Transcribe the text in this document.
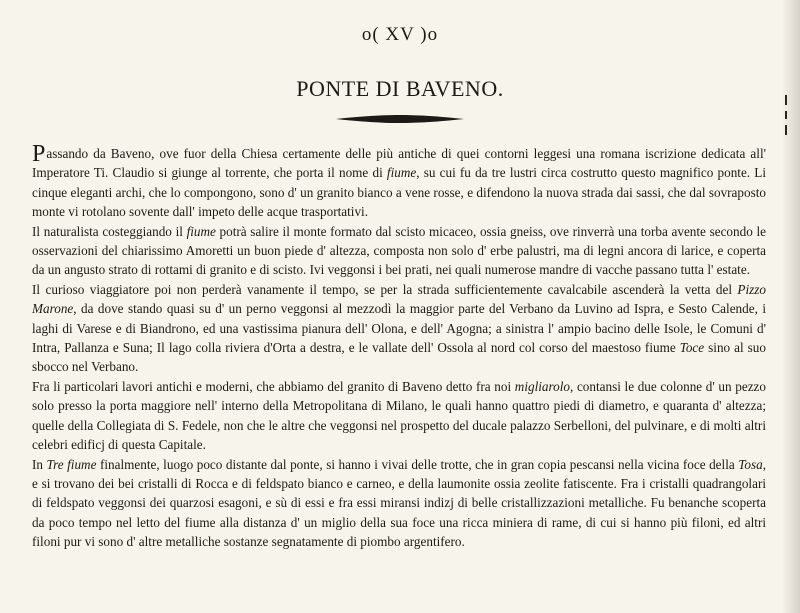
o( XV )o
PONTE DI BAVENO.

Passando da Baveno, ove fuor della Chiesa certamente delle più antiche di quei contorni leggesi una romana iscrizione dedicata all' Imperatore Ti. Claudio si giunge al torrente, che porta il nome di fiume, su cui fu da tre lustri circa costrutto questo magnifico ponte. Li cinque eleganti archi, che lo compongono, sono d' un granito bianco a vene rosse, e difendono la nuova strada dai sassi, che dal sovraposto monte vi rotolano sovente dall' impeto delle acque trasportativi.

Il naturalista costeggiando il fiume potrà salire il monte formato dal scisto micaceo, ossia gneiss, ove rinverrà una torba avente secondo le osservazioni del chiarissimo Amoretti un buon piede d' altezza, composta non solo d' erbe palustri, ma di legni ancora di larice, e coperta da un angusto strato di rottami di granito e di scisto. Ivi veggonsi i bei prati, nei quali numerose mandre di vacche passano tutta l' estate.

Il curioso viaggiatore poi non perderà vanamente il tempo, se per la strada sufficientemente cavalcabile ascenderà la vetta del Pizzo Marone, da dove stando quasi su d' un perno veggonsi al mezzodì la maggior parte del Verbano da Luvino ad Ispra, e Sesto Calende, i laghi di Varese e di Biandrono, ed una vastissima pianura dell' Olona, e dell' Agogna; a sinistra l' ampio bacino delle Isole, le Comuni d' Intra, Pallanza e Suna; Il lago colla riviera d'Orta a destra, e le vallate dell' Ossola al nord col corso del maestoso fiume Toce sino al suo sbocco nel Verbano.

Fra li particolari lavori antichi e moderni, che abbiamo del granito di Baveno detto fra noi migliarolo, contansi le due colonne d' un pezzo solo presso la porta maggiore nell' interno della Metropolitana di Milano, le quali hanno quattro piedi di diametro, e quaranta d' altezza; quelle della Collegiata di S. Fedele, non che le altre che veggonsi nel prospetto del ducale palazzo Serbelloni, del pulvinare, e di molti altri celebri edificj di questa Capitale.

In Tre fiume finalmente, luogo poco distante dal ponte, si hanno i vivai delle trotte, che in gran copia pescansi nella vicina foce della Tosa, e si trovano dei bei cristalli di Rocca e di feldspato bianco e carneo, e della laumonite ossia zeolite fatiscente. Fra i cristalli quadrangolari di feldspato veggonsi dei quarzosi esagoni, e sù di essi e fra essi miransi indizj di belle cristallizzazioni metalliche. Fu benanche scoperta da poco tempo nel letto del fiume alla distanza d' un miglio della sua foce una ricca miniera di rame, di cui si hanno più filoni, ed altri filoni pur vi sono d' altre metalliche sostanze segnatamente di piombo argentifero.
